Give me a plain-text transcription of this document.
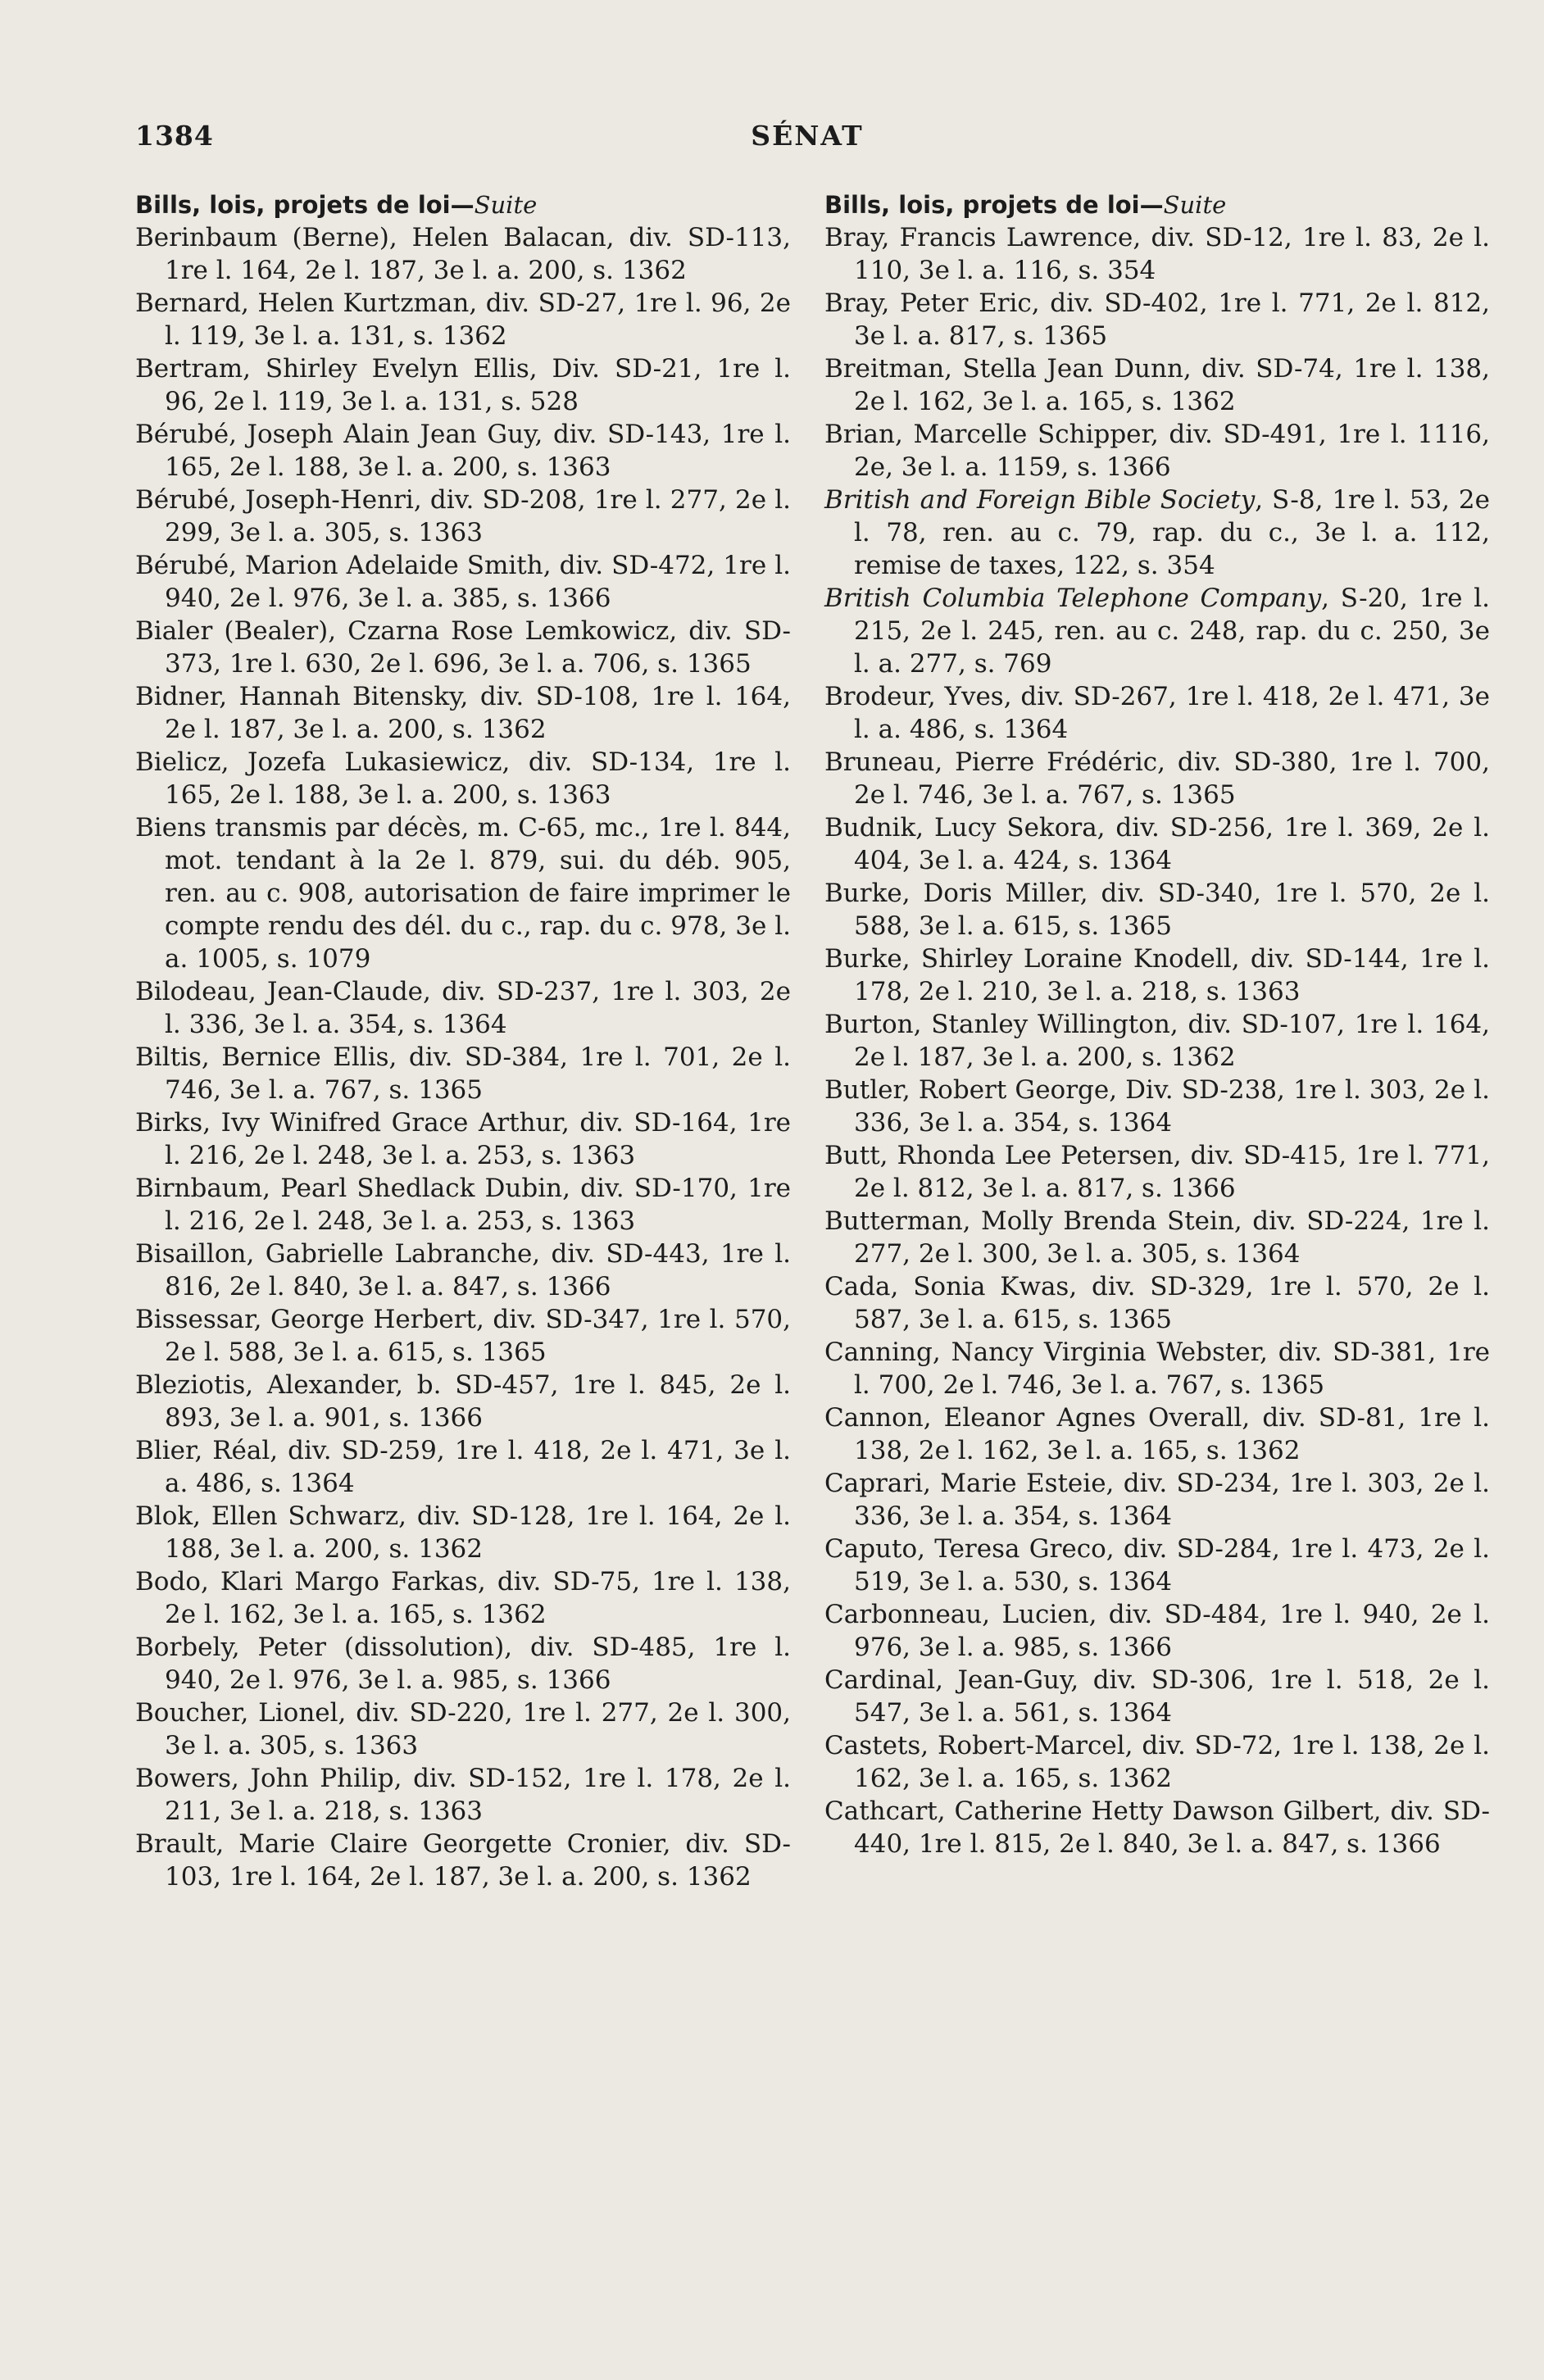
1384	SÉNAT
Bills, lois, projets de loi—Suite

Berinbaum (Berne), Helen Balacan, div. SD-113, 1re l. 164, 2e l. 187, 3e l. a. 200, s. 1362

Bernard, Helen Kurtzman, div. SD-27, 1re l. 96, 2e l. 119, 3e l. a. 131, s. 1362

Bertram, Shirley Evelyn Ellis, Div. SD-21, 1re l. 96, 2e l. 119, 3e l. a. 131, s. 528

Bérubé, Joseph Alain Jean Guy, div. SD-143, 1re l. 165, 2e l. 188, 3e l. a. 200, s. 1363

Bérubé, Joseph-Henri, div. SD-208, 1re l. 277, 2e l. 299, 3e l. a. 305, s. 1363

Bérubé, Marion Adelaide Smith, div. SD-472, 1re l. 940, 2e l. 976, 3e l. a. 385, s. 1366

Bialer (Bealer), Czarna Rose Lemkowicz, div. SD-373, 1re l. 630, 2e l. 696, 3e l. a. 706, s. 1365

Bidner, Hannah Bitensky, div. SD-108, 1re l. 164, 2e l. 187, 3e l. a. 200, s. 1362

Bielicz, Jozefa Lukasiewicz, div. SD-134, 1re l. 165, 2e l. 188, 3e l. a. 200, s. 1363

Biens transmis par décès, m. C-65, mc., 1re l. 844, mot. tendant à la 2e l. 879, sui. du déb. 905, ren. au c. 908, autorisation de faire imprimer le compte rendu des dél. du c., rap. du c. 978, 3e l. a. 1005, s. 1079

Bilodeau, Jean-Claude, div. SD-237, 1re l. 303, 2e l. 336, 3e l. a. 354, s. 1364

Biltis, Bernice Ellis, div. SD-384, 1re l. 701, 2e l. 746, 3e l. a. 767, s. 1365

Birks, Ivy Winifred Grace Arthur, div. SD-164, 1re l. 216, 2e l. 248, 3e l. a. 253, s. 1363

Birnbaum, Pearl Shedlack Dubin, div. SD-170, 1re l. 216, 2e l. 248, 3e l. a. 253, s. 1363

Bisaillon, Gabrielle Labranche, div. SD-443, 1re l. 816, 2e l. 840, 3e l. a. 847, s. 1366

Bissessar, George Herbert, div. SD-347, 1re l. 570, 2e l. 588, 3e l. a. 615, s. 1365

Bleziotis, Alexander, b. SD-457, 1re l. 845, 2e l. 893, 3e l. a. 901, s. 1366

Blier, Réal, div. SD-259, 1re l. 418, 2e l. 471, 3e l. a. 486, s. 1364

Blok, Ellen Schwarz, div. SD-128, 1re l. 164, 2e l. 188, 3e l. a. 200, s. 1362

Bodo, Klari Margo Farkas, div. SD-75, 1re l. 138, 2e l. 162, 3e l. a. 165, s. 1362

Borbely, Peter (dissolution), div. SD-485, 1re l. 940, 2e l. 976, 3e l. a. 985, s. 1366

Boucher, Lionel, div. SD-220, 1re l. 277, 2e l. 300, 3e l. a. 305, s. 1363

Bowers, John Philip, div. SD-152, 1re l. 178, 2e l. 211, 3e l. a. 218, s. 1363

Brault, Marie Claire Georgette Cronier, div. SD-103, 1re l. 164, 2e l. 187, 3e l. a. 200, s. 1362

Bills, lois, projets de loi—Suite

Bray, Francis Lawrence, div. SD-12, 1re l. 83, 2e l. 110, 3e l. a. 116, s. 354

Bray, Peter Eric, div. SD-402, 1re l. 771, 2e l. 812, 3e l. a. 817, s. 1365

Breitman, Stella Jean Dunn, div. SD-74, 1re l. 138, 2e l. 162, 3e l. a. 165, s. 1362

Brian, Marcelle Schipper, div. SD-491, 1re l. 1116, 2e, 3e l. a. 1159, s. 1366

British and Foreign Bible Society, S-8, 1re l. 53, 2e l. 78, ren. au c. 79, rap. du c., 3e l. a. 112, remise de taxes, 122, s. 354

British Columbia Telephone Company, S-20, 1re l. 215, 2e l. 245, ren. au c. 248, rap. du c. 250, 3e l. a. 277, s. 769

Brodeur, Yves, div. SD-267, 1re l. 418, 2e l. 471, 3e l. a. 486, s. 1364

Bruneau, Pierre Frédéric, div. SD-380, 1re l. 700, 2e l. 746, 3e l. a. 767, s. 1365

Budnik, Lucy Sekora, div. SD-256, 1re l. 369, 2e l. 404, 3e l. a. 424, s. 1364

Burke, Doris Miller, div. SD-340, 1re l. 570, 2e l. 588, 3e l. a. 615, s. 1365

Burke, Shirley Loraine Knodell, div. SD-144, 1re l. 178, 2e l. 210, 3e l. a. 218, s. 1363

Burton, Stanley Willington, div. SD-107, 1re l. 164, 2e l. 187, 3e l. a. 200, s. 1362

Butler, Robert George, Div. SD-238, 1re l. 303, 2e l. 336, 3e l. a. 354, s. 1364

Butt, Rhonda Lee Petersen, div. SD-415, 1re l. 771, 2e l. 812, 3e l. a. 817, s. 1366

Butterman, Molly Brenda Stein, div. SD-224, 1re l. 277, 2e l. 300, 3e l. a. 305, s. 1364

Cada, Sonia Kwas, div. SD-329, 1re l. 570, 2e l. 587, 3e l. a. 615, s. 1365

Canning, Nancy Virginia Webster, div. SD-381, 1re l. 700, 2e l. 746, 3e l. a. 767, s. 1365

Cannon, Eleanor Agnes Overall, div. SD-81, 1re l. 138, 2e l. 162, 3e l. a. 165, s. 1362

Caprari, Marie Esteie, div. SD-234, 1re l. 303, 2e l. 336, 3e l. a. 354, s. 1364

Caputo, Teresa Greco, div. SD-284, 1re l. 473, 2e l. 519, 3e l. a. 530, s. 1364

Carbonneau, Lucien, div. SD-484, 1re l. 940, 2e l. 976, 3e l. a. 985, s. 1366

Cardinal, Jean-Guy, div. SD-306, 1re l. 518, 2e l. 547, 3e l. a. 561, s. 1364

Castets, Robert-Marcel, div. SD-72, 1re l. 138, 2e l. 162, 3e l. a. 165, s. 1362

Cathcart, Catherine Hetty Dawson Gilbert, div. SD-440, 1re l. 815, 2e l. 840, 3e l. a. 847, s. 1366
